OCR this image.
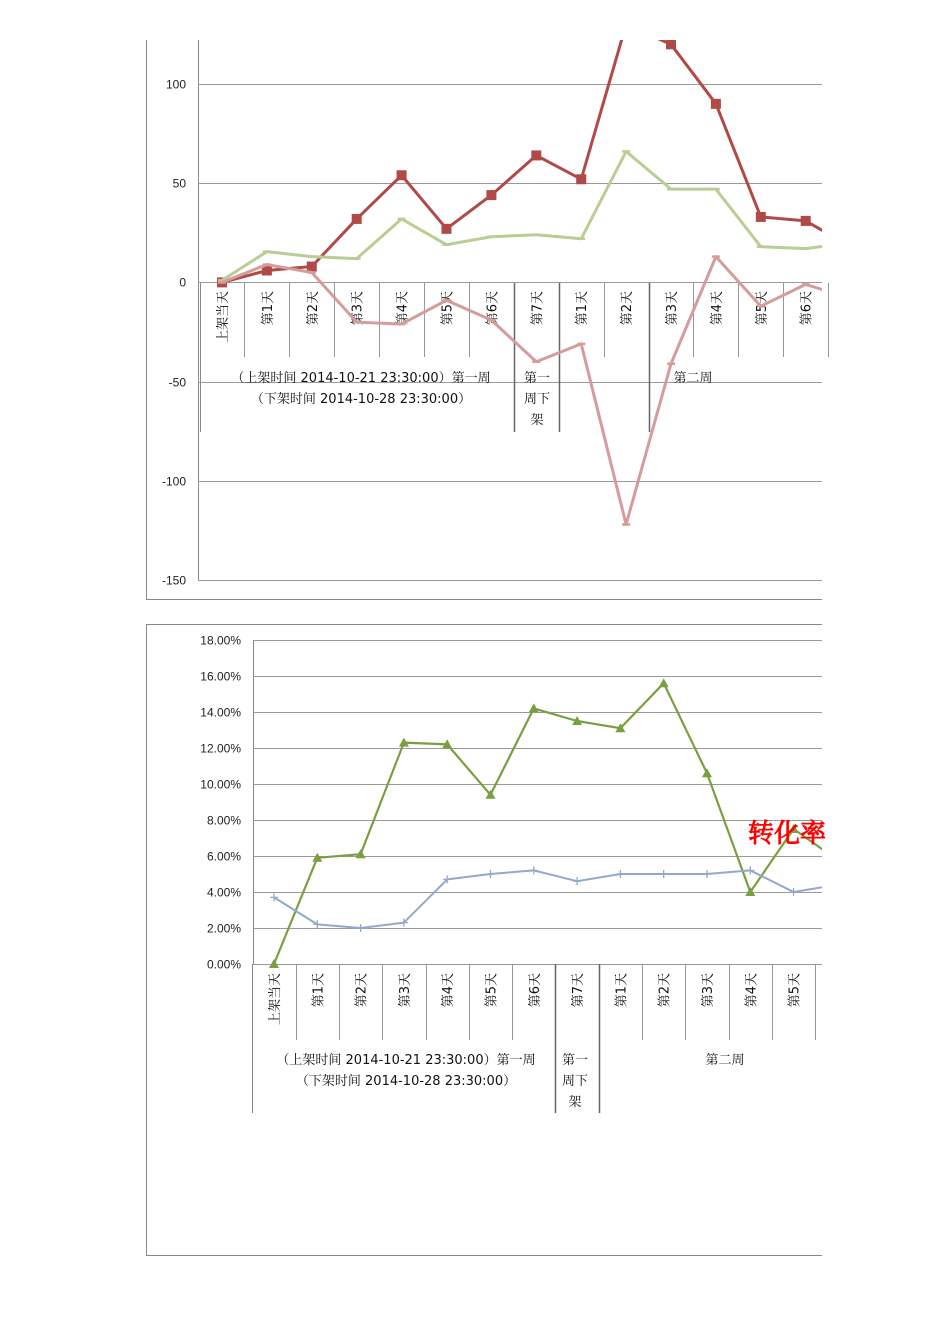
-150
-100
-50
0
50
100
上架当天 第1天 第2天 第3天 第4天 第5天 第6天 第7天 第1天 第2天 第3天 第4天 第5天 第6天
（上架时间 2014-10-21 23:30:00）第一周
（下架时间 2014-10-28 23:30:00）
第一
周下
架
第二周
0.00%
2.00%
4.00%
6.00%
8.00%
10.00%
12.00%
14.00%
16.00%
18.00%
上架当天 第1天 第2天 第3天 第4天 第5天 第6天 第7天 第1天 第2天 第3天 第4天 第5天
（上架时间 2014-10-21 23:30:00）第一周
（下架时间 2014-10-28 23:30:00）
第一
周下
架
第二周
转化率
